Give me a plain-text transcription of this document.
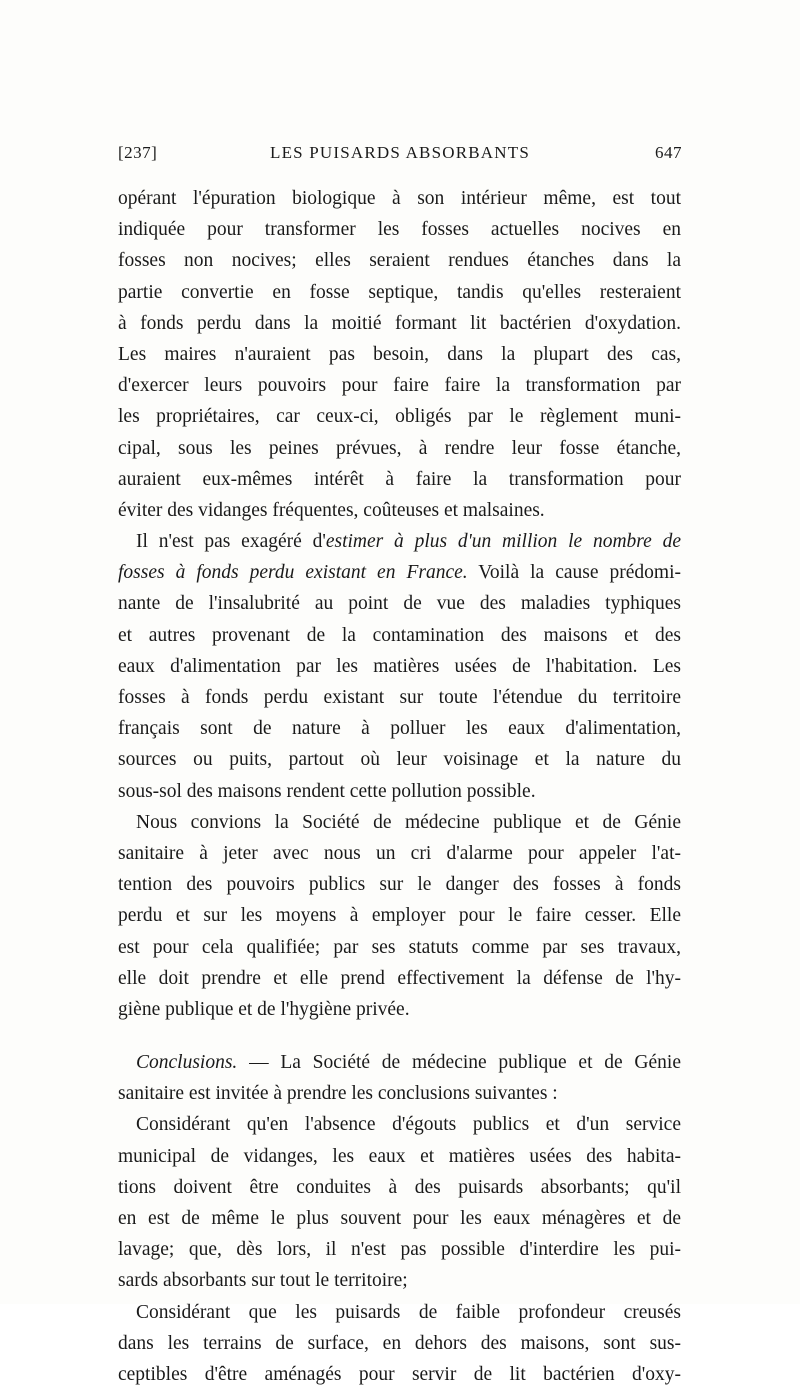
[237]	LES PUISARDS ABSORBANTS	647
opérant l'épuration biologique à son intérieur même, est tout
indiquée pour transformer les fosses actuelles nocives en
fosses non nocives; elles seraient rendues étanches dans la
partie convertie en fosse septique, tandis qu'elles resteraient
à fonds perdu dans la moitié formant lit bactérien d'oxydation.
Les maires n'auraient pas besoin, dans la plupart des cas,
d'exercer leurs pouvoirs pour faire faire la transformation par
les propriétaires, car ceux-ci, obligés par le règlement muni-
cipal, sous les peines prévues, à rendre leur fosse étanche,
auraient eux-mêmes intérêt à faire la transformation pour
éviter des vidanges fréquentes, coûteuses et malsaines.
Il n'est pas exagéré d'estimer à plus d'un million le nombre de
fosses à fonds perdu existant en France. Voilà la cause prédomi-
nante de l'insalubrité au point de vue des maladies typhiques
et autres provenant de la contamination des maisons et des
eaux d'alimentation par les matières usées de l'habitation. Les
fosses à fonds perdu existant sur toute l'étendue du territoire
français sont de nature à polluer les eaux d'alimentation,
sources ou puits, partout où leur voisinage et la nature du
sous-sol des maisons rendent cette pollution possible.
Nous convions la Société de médecine publique et de Génie
sanitaire à jeter avec nous un cri d'alarme pour appeler l'at-
tention des pouvoirs publics sur le danger des fosses à fonds
perdu et sur les moyens à employer pour le faire cesser. Elle
est pour cela qualifiée; par ses statuts comme par ses travaux,
elle doit prendre et elle prend effectivement la défense de l'hy-
giène publique et de l'hygiène privée.
Conclusions. — La Société de médecine publique et de Génie
sanitaire est invitée à prendre les conclusions suivantes :
Considérant qu'en l'absence d'égouts publics et d'un service
municipal de vidanges, les eaux et matières usées des habita-
tions doivent être conduites à des puisards absorbants; qu'il
en est de même le plus souvent pour les eaux ménagères et de
lavage; que, dès lors, il n'est pas possible d'interdire les pui-
sards absorbants sur tout le territoire;
Considérant que les puisards de faible profondeur creusés
dans les terrains de surface, en dehors des maisons, sont sus-
ceptibles d'être aménagés pour servir de lit bactérien d'oxy-
